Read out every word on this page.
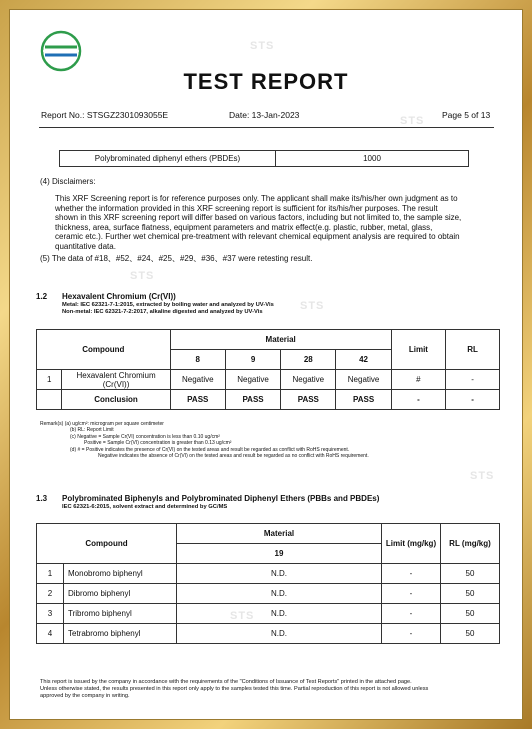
STS
STS
STS
STS
STS
STS
TEST REPORT
Report No.: STSGZ2301093055E	Date: 13-Jan-2023	Page 5 of 13
Polybrominated diphenyl ethers (PBDEs)	1000
(4) Disclaimers:
This XRF Screening report is for reference purposes only. The applicant shall make its/his/her own judgment as to
whether the information provided in this XRF screening report is sufficient for its/his/her purposes. The result
shown in this XRF screening report will differ based on various factors, including but not limited to, the sample size,
thickness, area, surface flatness, equipment parameters and matrix effect(e.g. plastic, rubber, metal, glass,
ceramic etc.). Further wet chemical pre-treatment with relevant chemical equipment analysis are required to obtain
quantitative data.
(5) The data of #18、#52、#24、#25、#29、#36、#37 were retesting result.
1.2 Hexavalent Chromium (Cr(VI))
Metal: IEC 62321-7-1:2015, extracted by boiling water and analyzed by UV-Vis
Non-metal: IEC 62321-7-2:2017, alkaline digested and analyzed by UV-Vis
Compound		Material				Limit	RL
		8	9	28	42		
1	Hexavalent Chromium (Cr(VI))	Negative	Negative	Negative	Negative	#	-
	Conclusion	PASS	PASS	PASS	PASS	-	-
Remark(s) (a) ug/cm²: microgram per square centimeter
(b) RL: Report Limit
(c) Negative = Sample Cr(VI) concentration is less than 0.10 ug/cm²
Positive = Sample Cr(VI) concentration is greater than 0.13 ug/cm²
(d) # = Positive indicates the presence of Cr(VI) on the tested areas and result be regarded as conflict with RoHS requirement.
Negative indicates the absence of Cr(VI) on the tested areas and result be regarded as no conflict with RoHS requirement.
1.3 Polybrominated Biphenyls and Polybrominated Diphenyl Ethers (PBBs and PBDEs)
IEC 62321-6:2015, solvent extract and determined by GC/MS
Compound		Material	Limit (mg/kg)	RL (mg/kg)
		19		
1	Monobromo biphenyl	N.D.	-	50
2	Dibromo biphenyl	N.D.	-	50
3	Tribromo biphenyl	N.D.	-	50
4	Tetrabromo biphenyl	N.D.	-	50
This report is issued by the company in accordance with the requirements of the "Conditions of Issuance of Test Reports" printed in the attached page.
Unless otherwise stated, the results presented in this report only apply to the samples tested this time. Partial reproduction of this report is not allowed unless
approved by the company in writing.
